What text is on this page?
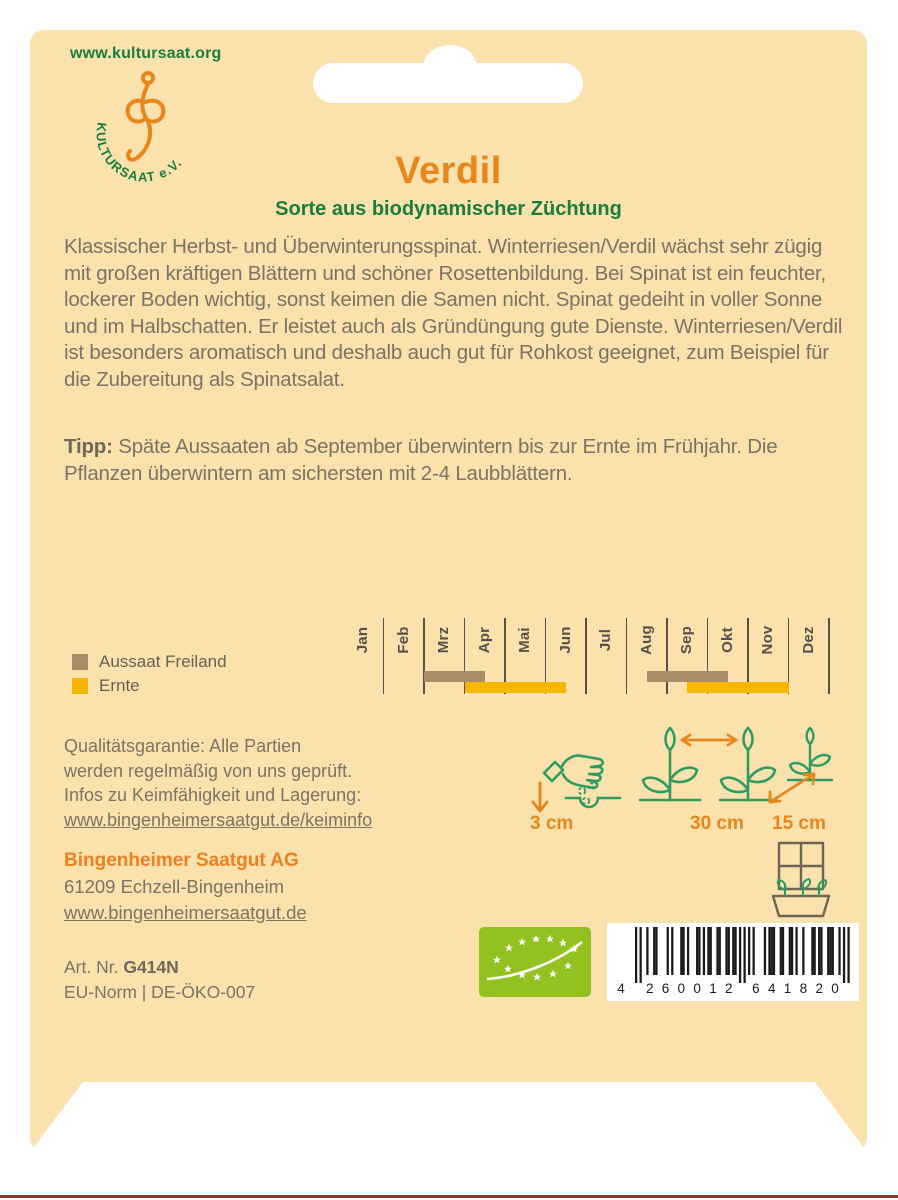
www.kultursaat.org
KULTURSAAT e.V.	Verdil
Sorte aus biodynamischer Züchtung

Klassischer Herbst- und Überwinterungsspinat. Winterriesen/Verdil wächst sehr zügig mit großen kräftigen Blättern und schöner Rosettenbildung. Bei Spinat ist ein feuchter, lockerer Boden wichtig, sonst keimen die Samen nicht. Spinat gedeiht in voller Sonne und im Halbschatten. Er leistet auch als Gründüngung gute Dienste. Winterriesen/Verdil ist besonders aromatisch und deshalb auch gut für Rohkost geeignet, zum Beispiel für die Zubereitung als Spinatsalat.

Tipp: Späte Aussaaten ab September überwintern bis zur Ernte im Frühjahr. Die Pflanzen überwintern am sichersten mit 2-4 Laubblättern.

Aussaat Freiland
Ernte
Jan Feb Mrz Apr Mai Jun Jul Aug Sep Okt Nov Dez
Qualitätsgarantie: Alle Partien
werden regelmäßig von uns geprüft.
Infos zu Keimfähigkeit und Lagerung:
www.bingenheimersaatgut.de/keiminfo	3 cm	30 cm 15 cm
Bingenheimer Saatgut AG
61209 Echzell-Bingenheim
www.bingenheimersaatgut.de
Art. Nr. G414N
EU-Norm | DE-ÖKO-007	4 2	6
6	4
0	1
0	8
1	2
2	0
